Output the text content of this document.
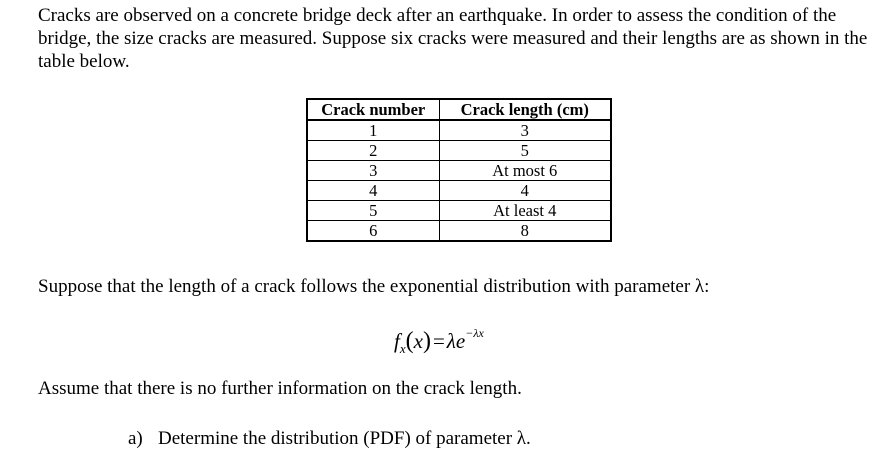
Cracks are observed on a concrete bridge deck after an earthquake. In order to assess the condition of the bridge, the size cracks are measured. Suppose six cracks were measured and their lengths are as shown in the table below.

Crack number	Crack length (cm)
1	3
2	5
3	At most 6
4	4
5	At least 4
6	8

Suppose that the length of a crack follows the exponential distribution with parameter λ:

$f_x(x)=\lambda e^{-\lambda x}$

Assume that there is no further information on the crack length.

a) Determine the distribution (PDF) of parameter λ.
